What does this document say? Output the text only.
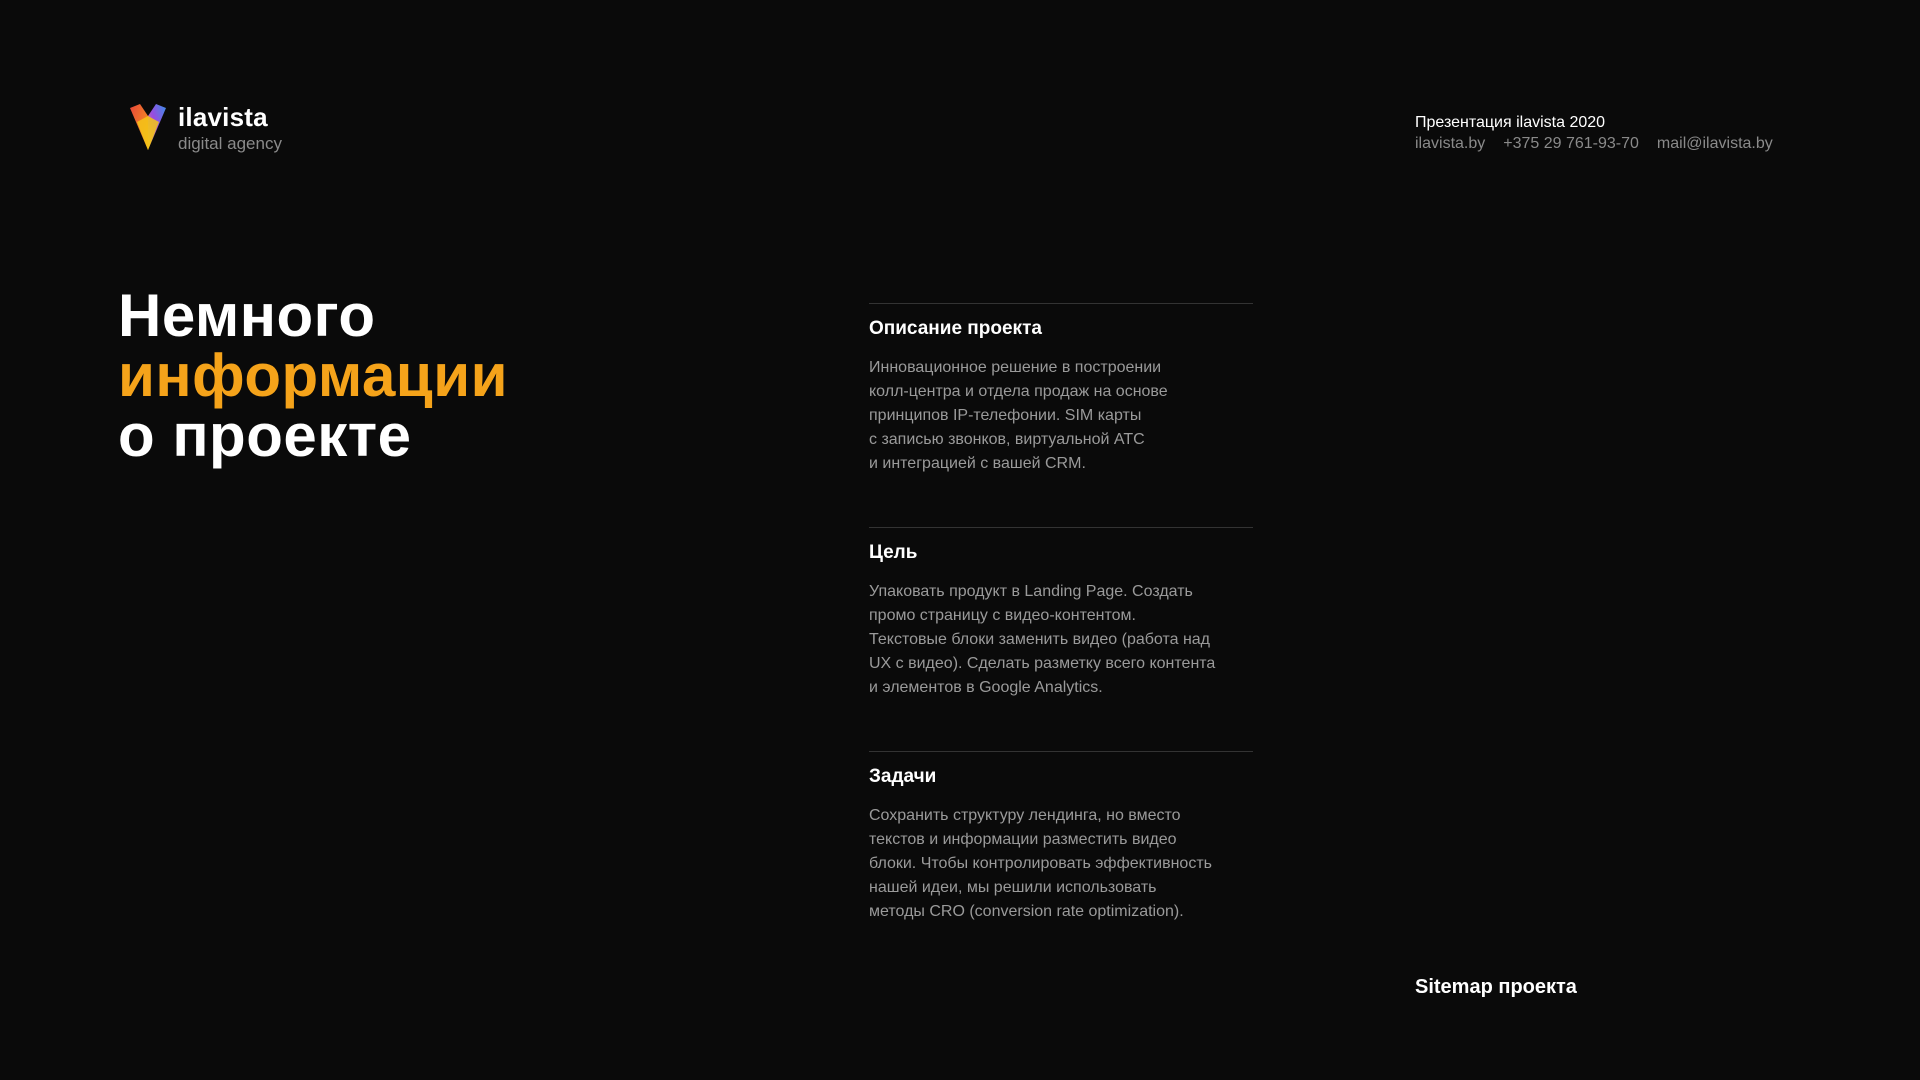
ilavista
digital agency
Презентация ilavista 2020
ilavista.by +375 29 761-93-70 mail@ilavista.by
Немного
информации
о проекте
Описание проекта
Инновационное решение в построении
колл-центра и отдела продаж на основе
принципов IP-телефонии. SIM карты
с записью звонков, виртуальной АТС
и интеграцией с вашей CRM.
Цель
Упаковать продукт в Landing Page. Создать
промо страницу с видео-контентом.
Текстовые блоки заменить видео (работа над
UX с видео). Сделать разметку всего контента
и элементов в Google Analytics.
Задачи
Сохранить структуру лендинга, но вместо
текстов и информации разместить видео
блоки. Чтобы контролировать эффективность
нашей идеи, мы решили использовать
методы CRO (conversion rate optimization).
Sitemap проекта
